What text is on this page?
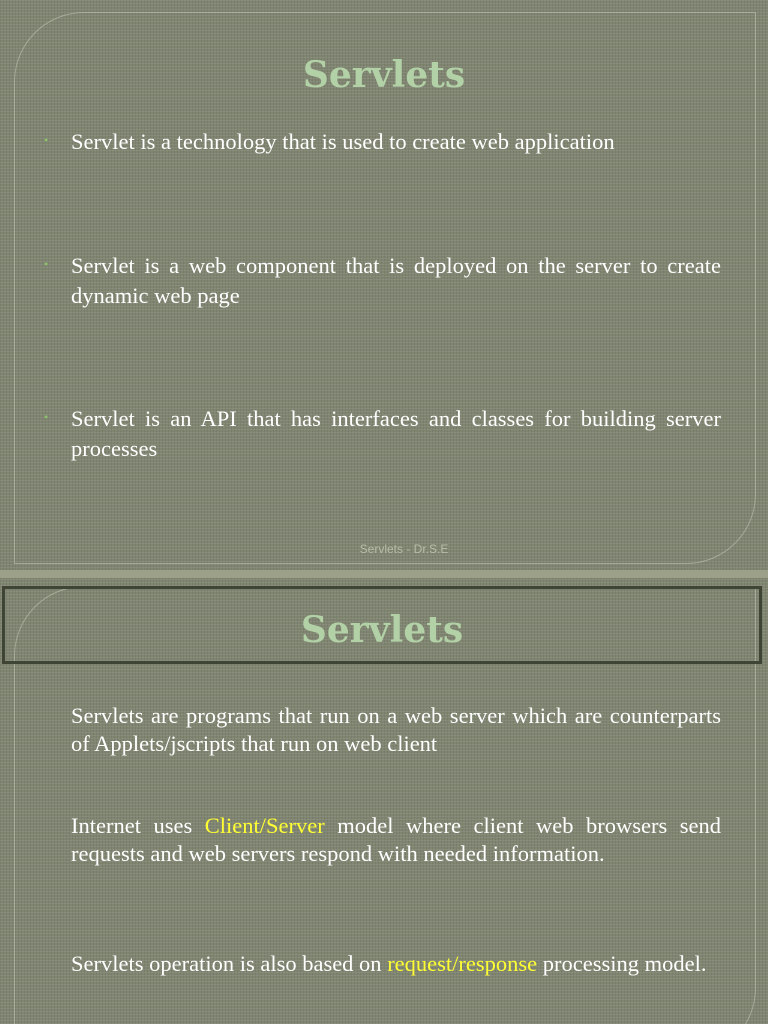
Servlets
• Servlet is a technology that is used to create web application
• Servlet is a web component that is deployed on the server to create dynamic web page
• Servlet is an API that has interfaces and classes for building server processes
Servlets - Dr.S.E
Servlets
Servlets are programs that run on a web server which are counterparts of Applets/jscripts that run on web client
Internet uses Client/Server model where client web browsers send requests and web servers respond with needed information.
Servlets operation is also based on request/response processing model.
